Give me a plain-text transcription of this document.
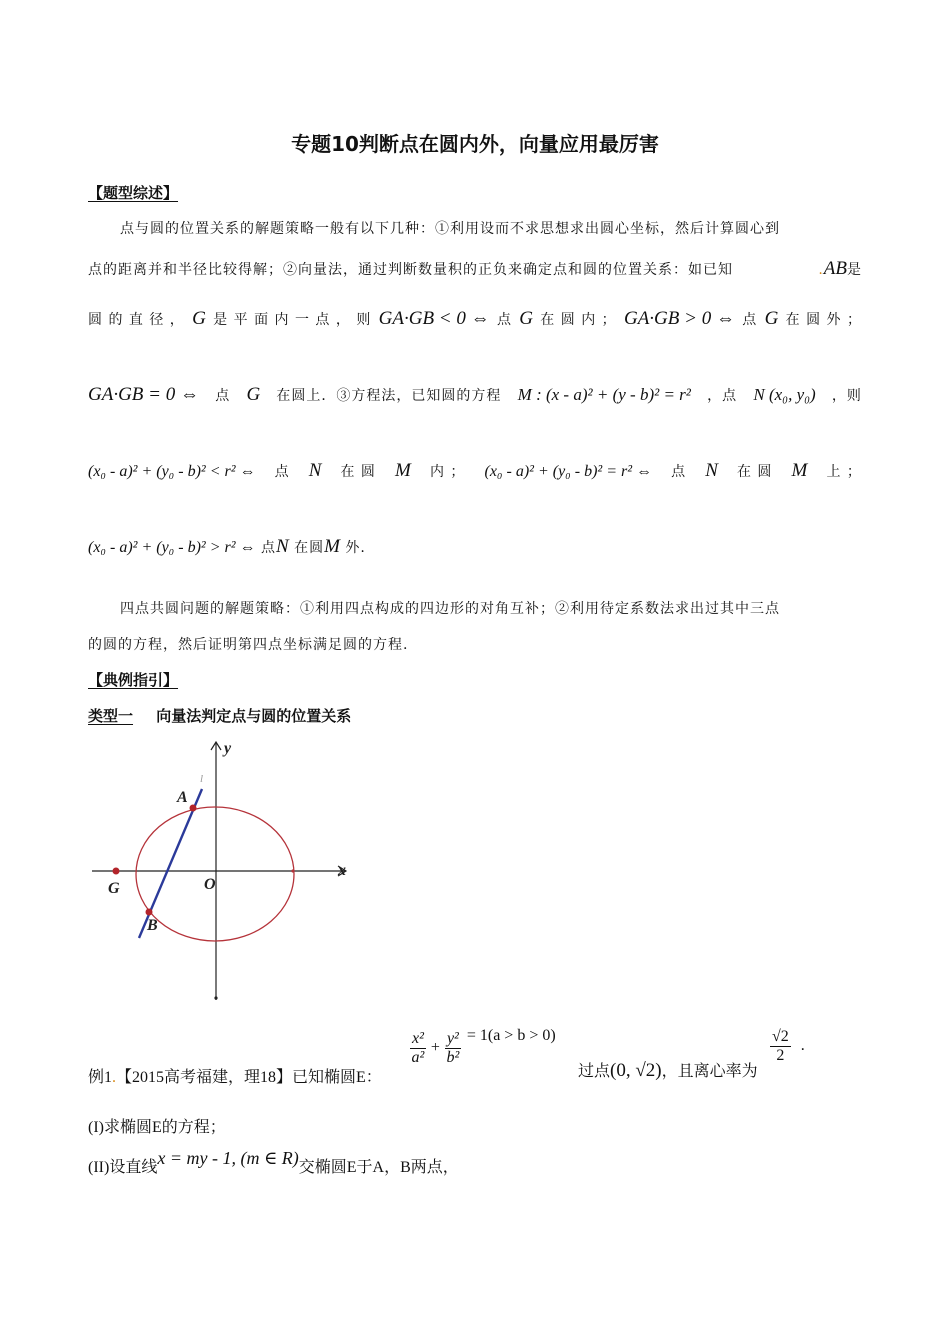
专题10判断点在圆内外，向量应用最厉害
【题型综述】
点与圆的位置关系的解题策略一般有以下几种：①利用设而不求思想求出圆心坐标，然后计算圆心到
点的距离并和半径比较得解；②向量法，通过判断数量积的正负来确定点和圆的位置关系：如已知	.AB是
圆 的 直 径 ， G 是 平 面 内 一 点 ， 则 GA·GB < 0 ⇔ 点 G 在 圆 内 ； GA·GB > 0 ⇔ 点 G 在 圆 外 ；
GA·GB = 0 ⇔ 点 G 在圆上．③方程法，已知圆的方程 M : (x - a)² + (y - b)² = r² ，点 N (x₀, y₀) ，则
(x₀ - a)² + (y₀ - b)² < r² ⇔ 点 N 在 圆 M 内 ； (x₀ - a)² + (y₀ - b)² = r² ⇔ 点 N 在 圆 M 上 ；
(x₀ - a)² + (y₀ - b)² > r² ⇔ 点N 在圆M 外.
四点共圆问题的解题策略：①利用四点构成的四边形的对角互补；②利用待定系数法求出过其中三点
的圆的方程，然后证明第四点坐标满足圆的方程.
【典例指引】
类型一 向量法判定点与圆的位置关系
y
x
A
B
G	O
l
例1.【2015高考福建，理18】已知椭圆E：
$\frac{\text{x²}}{\text{a²}} + \frac{\text{y²}}{\text{b²}} = 1(a > b > 0)$
过点(0, √2)，且离心率为
$\frac{√2}{2}$ .
(I)求椭圆E的方程；
(II)设直线x = my - 1, (m ∈ R)交椭圆E于A，B两点，
